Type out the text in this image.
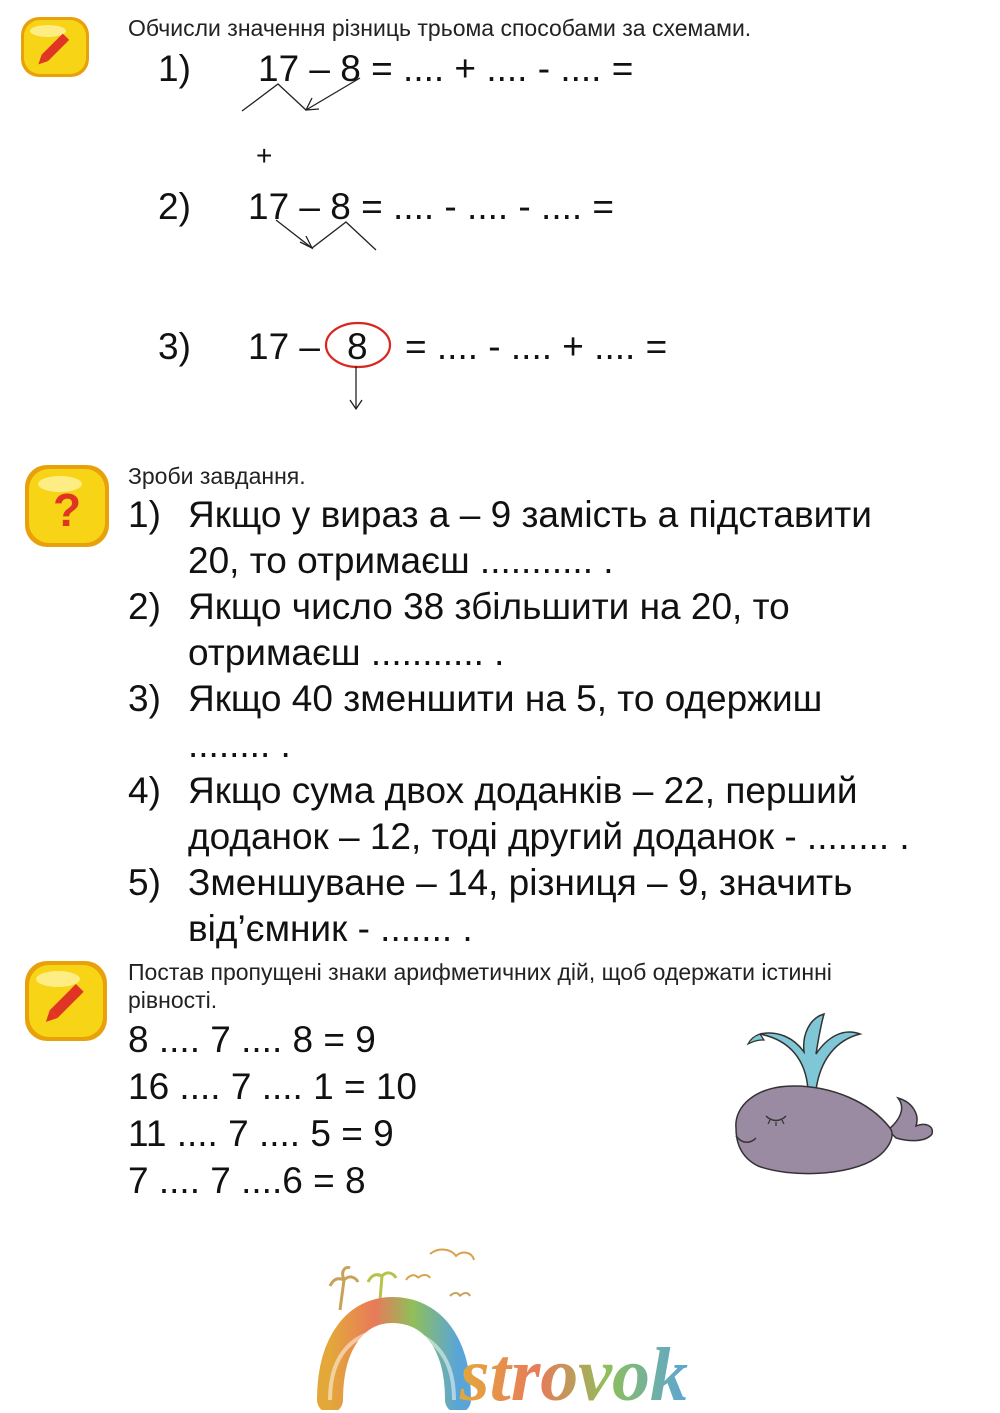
Обчисли значення різниць трьома способами за схемами.
1) 17 – 8 = .... + .... - .... =
+
2) 17 – 8 = .... - .... - .... =
3) 17 – 8 = .... - .... + .... =
?
Зроби завдання.
1) Якщо у вираз а – 9 замість а підставити
20, то отримаєш ........... .
2) Якщо число 38 збільшити на 20, то
отримаєш ........... .
3) Якщо 40 зменшити на 5, то одержиш
........ .
4) Якщо сума двох доданків – 22, перший
доданок – 12, тоді другий доданок - ........ .
5) Зменшуване – 14, різниця – 9, значить
від’ємник - ....... .
Постав пропущені знаки арифметичних дій, щоб одержати істинні
рівності.
8 .... 7 .... 8 = 9
16 .... 7 .... 1 = 10
11 .... 7 .... 5 = 9
7 .... 7 ....6 = 8
strovok
